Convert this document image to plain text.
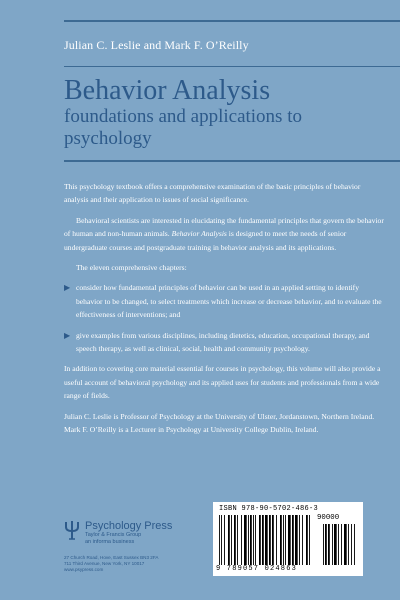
Julian C. Leslie and Mark F. O’Reilly
Behavior Analysis
foundations and applications to psychology

This psychology textbook offers a comprehensive examination of the basic principles of behavior analysis and their application to issues of social significance.

Behavioral scientists are interested in elucidating the fundamental principles that govern the behavior of human and non-human animals. Behavior Analysis is designed to meet the needs of senior undergraduate courses and postgraduate training in behavior analysis and its applications.

The eleven comprehensive chapters:

▶ consider how fundamental principles of behavior can be used in an applied setting to identify behavior to be changed, to select treatments which increase or decrease behavior, and to evaluate the effectiveness of interventions; and
▶ give examples from various disciplines, including dietetics, education, occupational therapy, and speech therapy, as well as clinical, social, health and community psychology.

In addition to covering core material essential for courses in psychology, this volume will also provide a useful account of behavioral psychology and its applied uses for students and professionals from a wide range of fields.

Julian C. Leslie is Professor of Psychology at the University of Ulster, Jordanstown, Northern Ireland. Mark F. O’Reilly is a Lecturer in Psychology at University College Dublin, Ireland.

Psychology Press
Taylor & Francis Group
an informa business
27 Church Road, Hove, East Sussex BN3 2FA
711 Third Avenue, New York, NY 10017
www.psypress.com
ISBN 978-90-5702-486-3
90000
9 789057 024863
